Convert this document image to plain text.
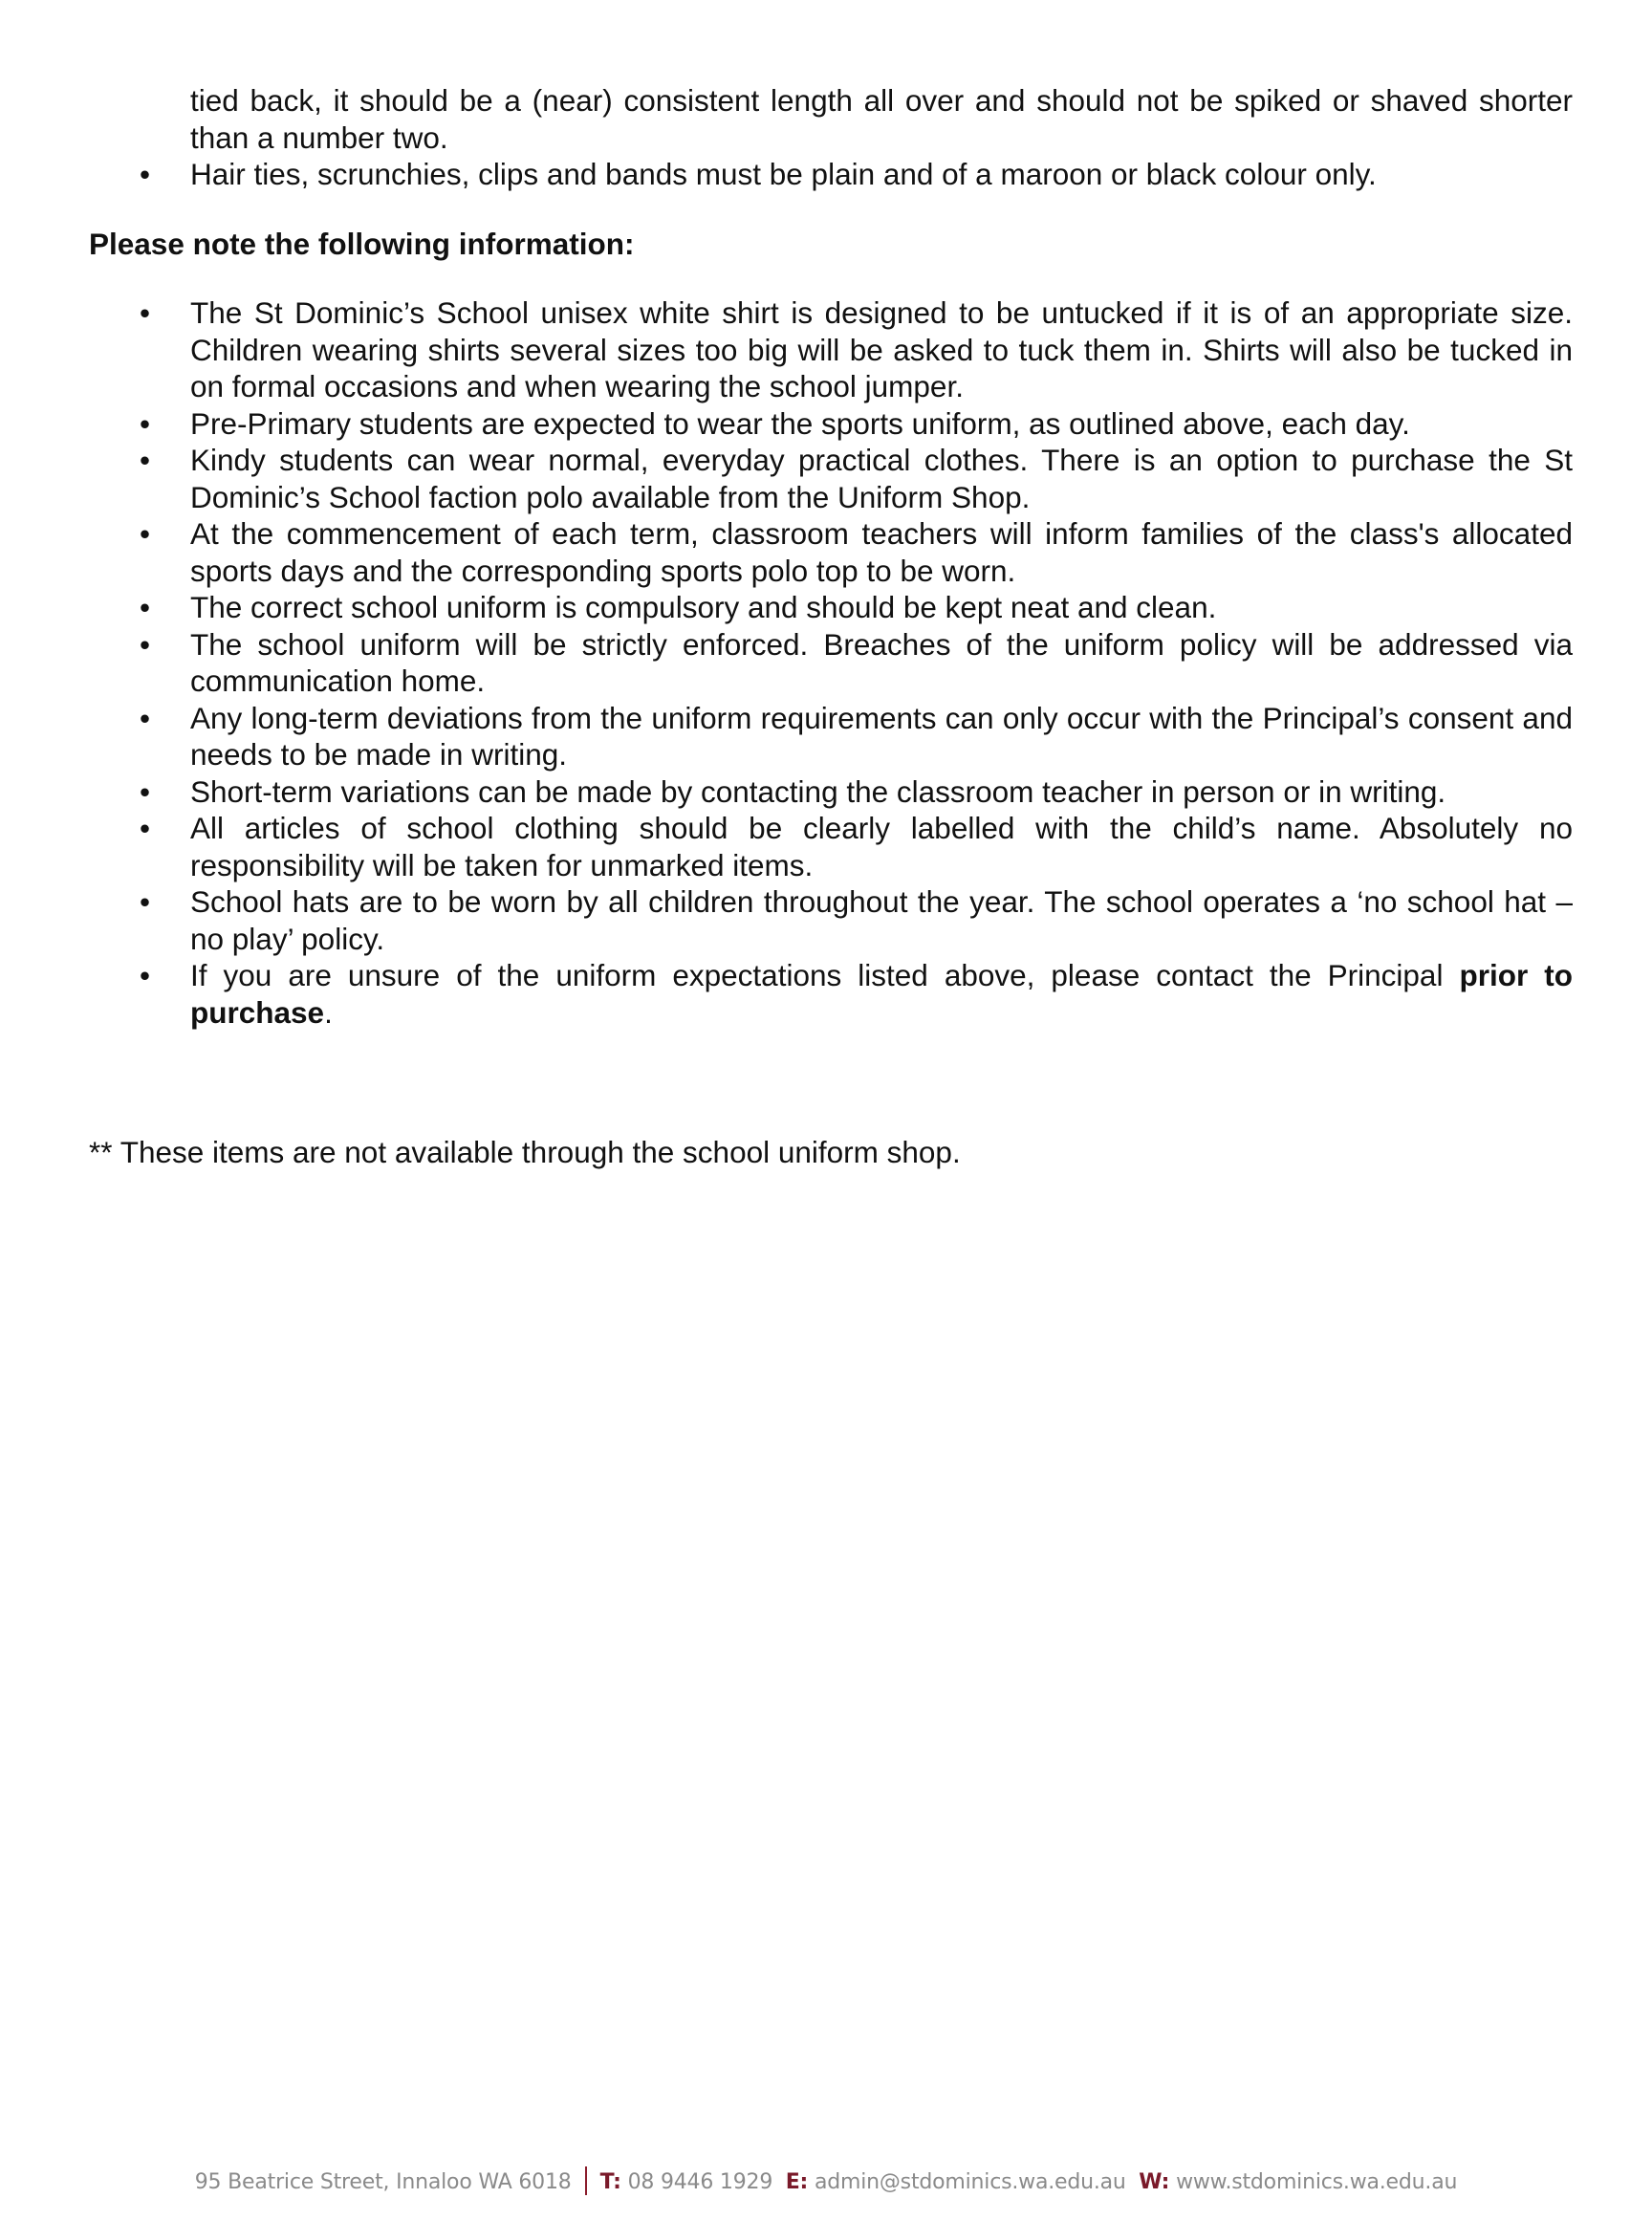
tied back, it should be a (near) consistent length all over and should not be spiked or shaved shorter than a number two.
• Hair ties, scrunchies, clips and bands must be plain and of a maroon or black colour only.
Please note the following information:
• The St Dominic’s School unisex white shirt is designed to be untucked if it is of an appropriate size. Children wearing shirts several sizes too big will be asked to tuck them in. Shirts will also be tucked in on formal occasions and when wearing the school jumper.
• Pre-Primary students are expected to wear the sports uniform, as outlined above, each day.
• Kindy students can wear normal, everyday practical clothes. There is an option to purchase the St Dominic’s School faction polo available from the Uniform Shop.
• At the commencement of each term, classroom teachers will inform families of the class's allocated sports days and the corresponding sports polo top to be worn.
• The correct school uniform is compulsory and should be kept neat and clean.
• The school uniform will be strictly enforced. Breaches of the uniform policy will be addressed via communication home.
• Any long-term deviations from the uniform requirements can only occur with the Principal’s consent and needs to be made in writing.
• Short-term variations can be made by contacting the classroom teacher in person or in writing.
• All articles of school clothing should be clearly labelled with the child’s name. Absolutely no responsibility will be taken for unmarked items.
• School hats are to be worn by all children throughout the year. The school operates a ‘no school hat – no play’ policy.
• If you are unsure of the uniform expectations listed above, please contact the Principal prior to purchase.
** These items are not available through the school uniform shop.
95 Beatrice Street, Innaloo WA 6018 T: 08 9446 1929 E: admin@stdominics.wa.edu.au W: www.stdominics.wa.edu.au
